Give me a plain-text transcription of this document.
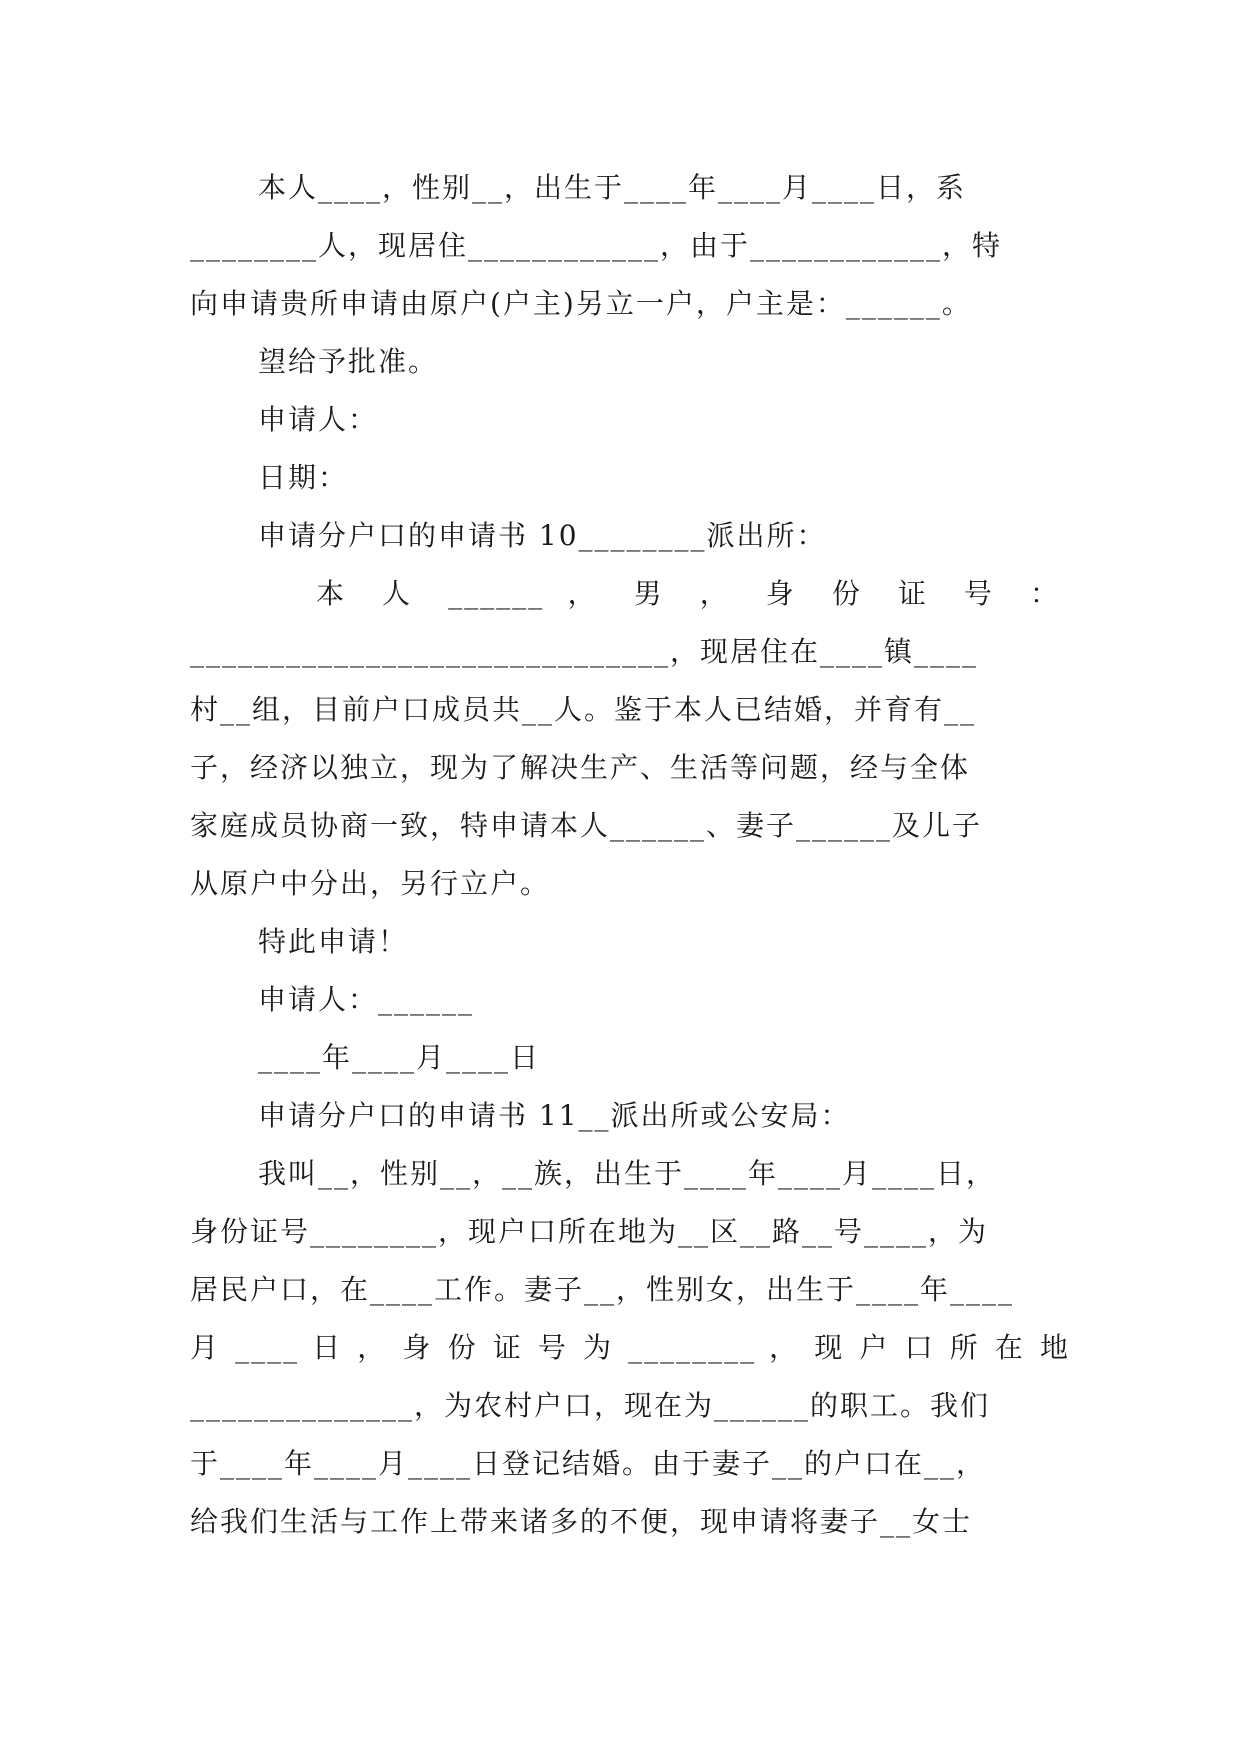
本人____，性别__，出生于____年____月____日，系
________人，现居住____________，由于____________，特
向申请贵所申请由原户(户主)另立一户，户主是：______。
望给予批准。
申请人：
日期：
申请分户口的申请书 10________派出所：
本 人 ______ ， 男 ， 身 份 证 号 ：
______________________________，现居住在____镇____
村__组，目前户口成员共__人。鉴于本人已结婚，并育有__
子，经济以独立，现为了解决生产、生活等问题，经与全体
家庭成员协商一致，特申请本人______、妻子______及儿子
从原户中分出，另行立户。
特此申请！
申请人：______
____年____月____日
申请分户口的申请书 11__派出所或公安局：
我叫__，性别__，__族，出生于____年____月____日，
身份证号________，现户口所在地为__区__路__号____，为
居民户口，在____工作。妻子__，性别女，出生于____年____
月 ____ 日 ， 身 份 证 号 为 ________ ， 现 户 口 所 在 地
______________，为农村户口，现在为______的职工。我们
于____年____月____日登记结婚。由于妻子__的户口在__，
给我们生活与工作上带来诸多的不便，现申请将妻子__女士
